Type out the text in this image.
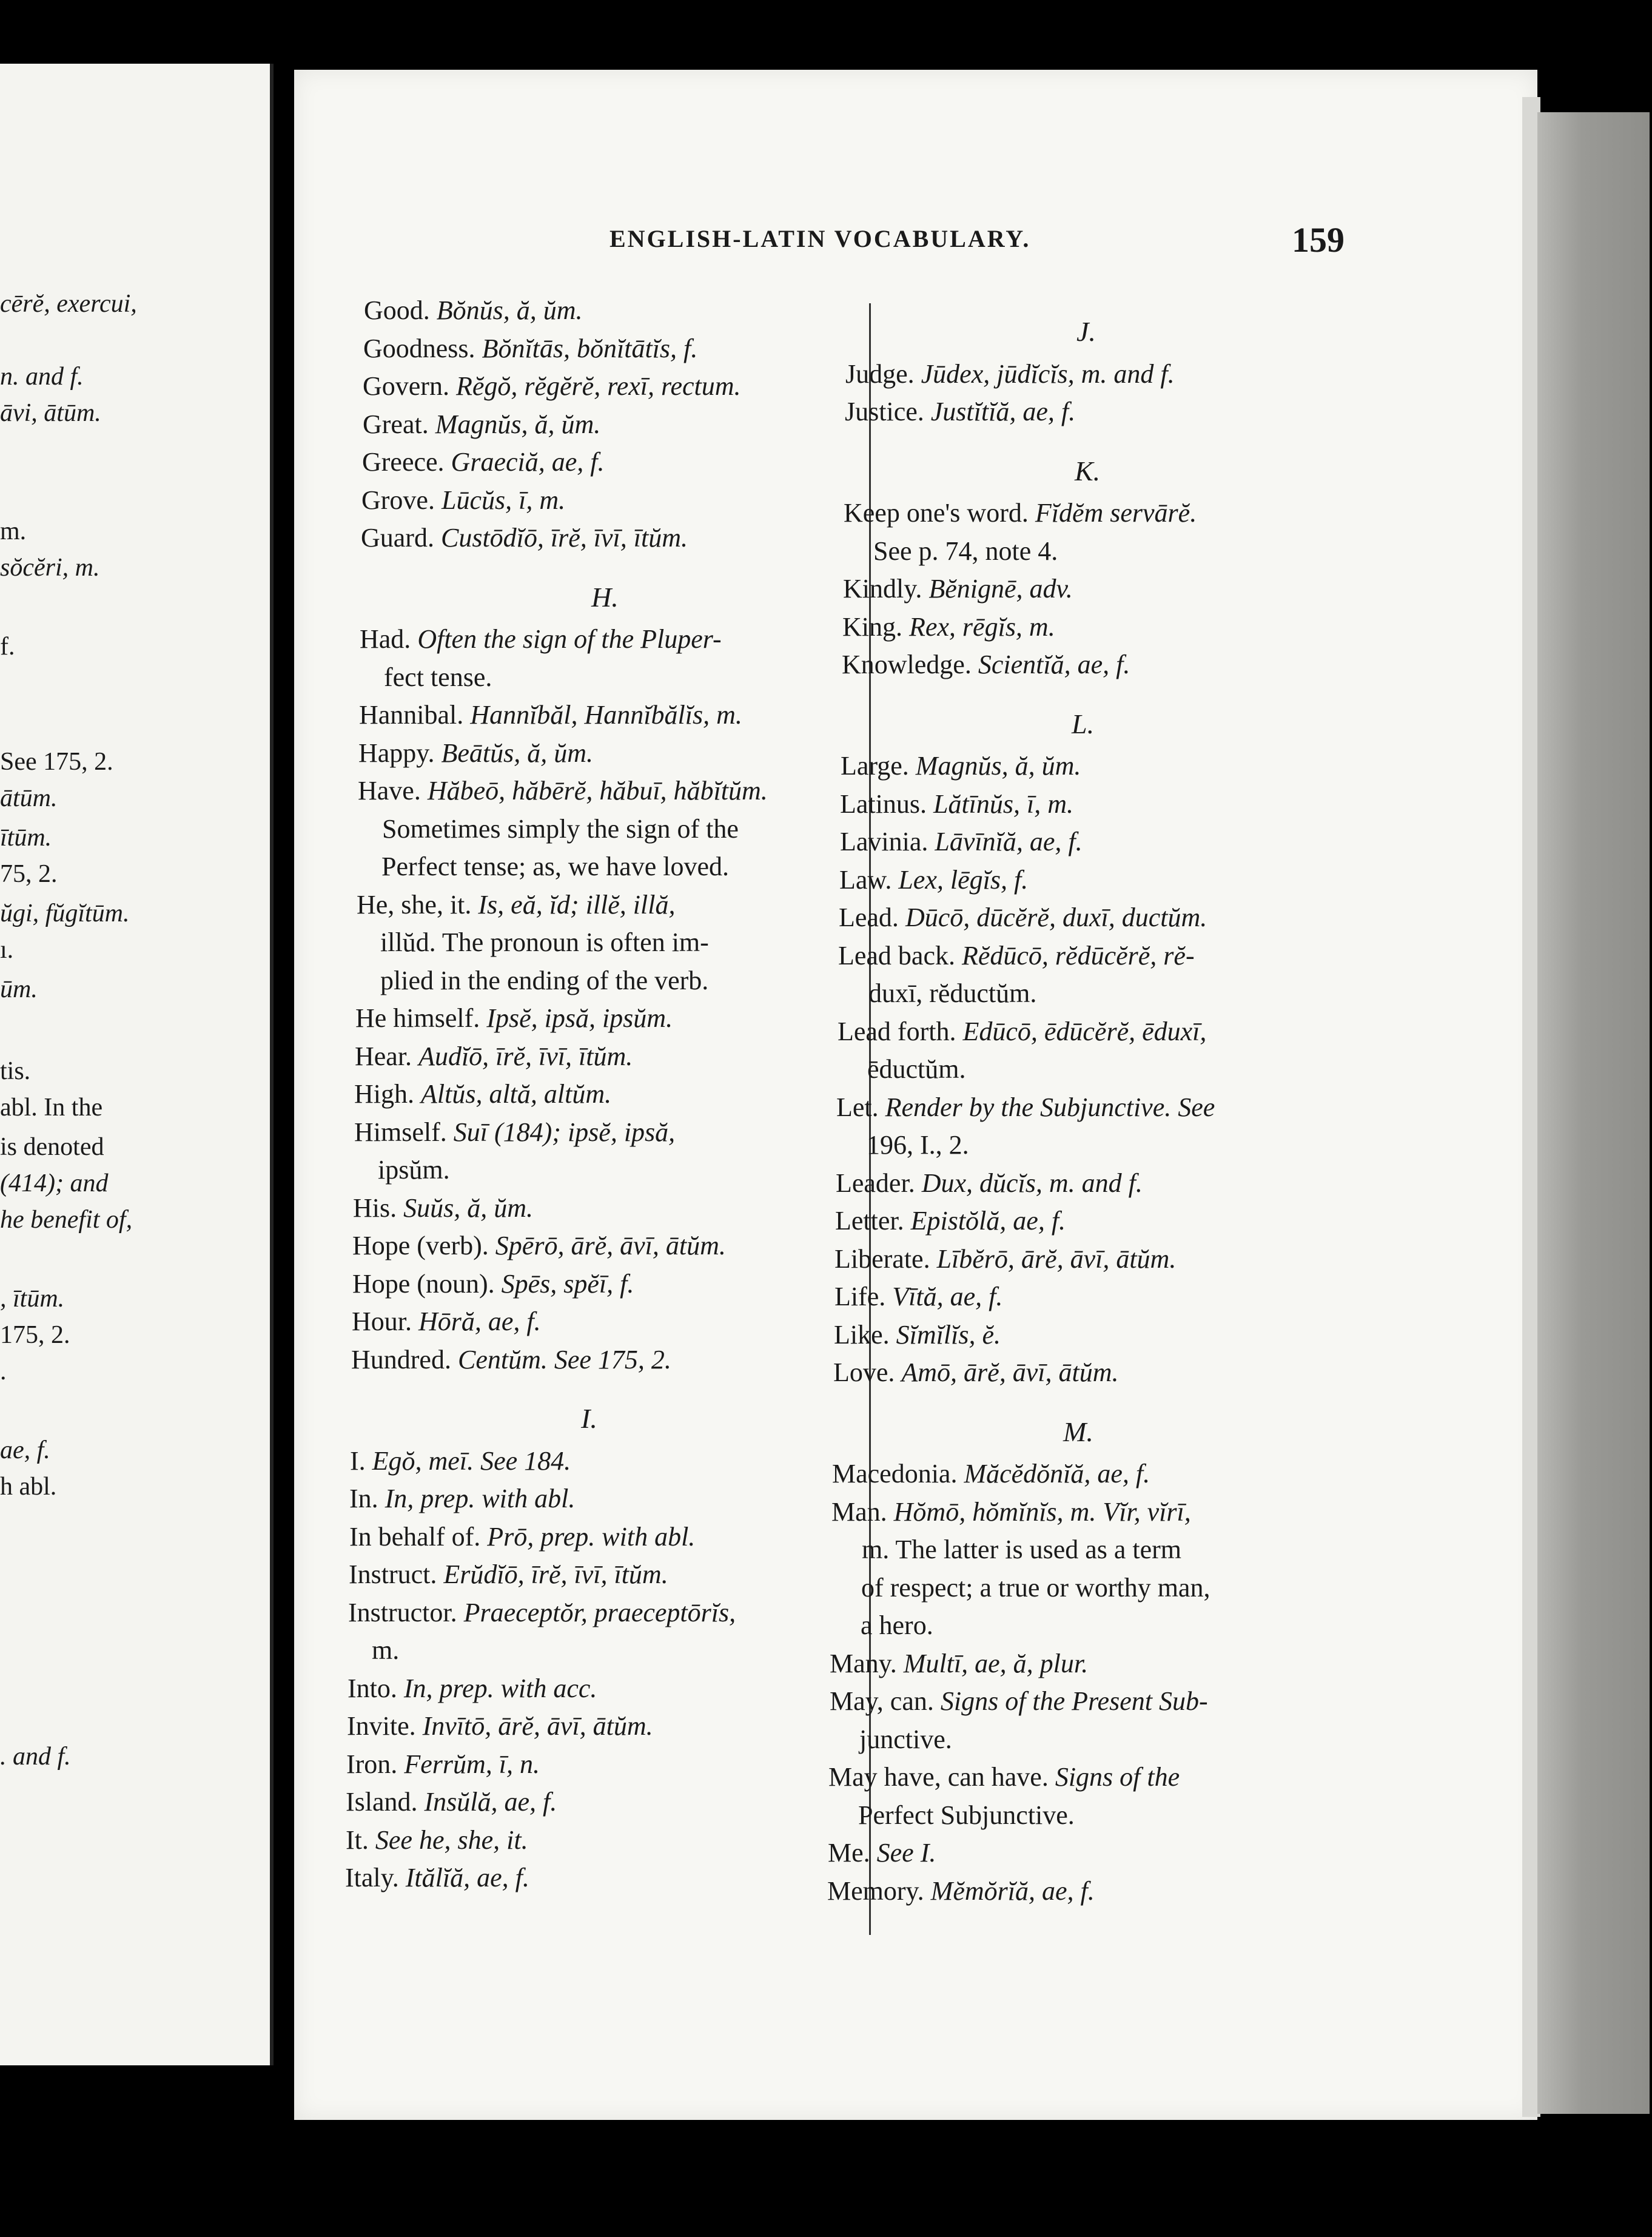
cērĕ, exercui,
n. and f.
āvi, ātūm.
m.
sŏcĕri, m.
f.
See 175, 2.
ātūm.
ītūm.
75, 2.
ŭgi, fŭgĭtūm.
ı.
ūm.
tis.
abl. In the
is denoted
(414); and
he benefit of,
, ītūm.
175, 2.
.
ae, f.
h abl.
. and f.
ENGLISH-LATIN VOCABULARY.	159
Good. Bŏnŭs, ă, ŭm.
Goodness. Bŏnĭtās, bŏnĭtātĭs, f.
Govern. Rĕgŏ, rĕgĕrĕ, rexī, rectum.
Great. Magnŭs, ă, ŭm.
Greece. Graeciă, ae, f.
Grove. Lūcŭs, ī, m.
Guard. Custōdĭō, īrĕ, īvī, ītŭm.
H.
Had. Often the sign of the Pluper-
fect tense.
Hannibal. Hannĭbăl, Hannĭbălĭs, m.
Happy. Beātŭs, ă, ŭm.
Have. Hăbeō, hăbērĕ, hăbuī, hăbĭtŭm.
Sometimes simply the sign of the
Perfect tense; as, we have loved.
He, she, it. Is, eă, ĭd; illĕ, illă,
illŭd. The pronoun is often im-
plied in the ending of the verb.
He himself. Ipsĕ, ipsă, ipsŭm.
Hear. Audĭō, īrĕ, īvī, ītŭm.
High. Altŭs, altă, altŭm.
Himself. Suī (184); ipsĕ, ipsă,
ipsŭm.
His. Suŭs, ă, ŭm.
Hope (verb). Spērō, ārĕ, āvī, ātŭm.
Hope (noun). Spēs, spĕī, f.
Hour. Hōră, ae, f.
Hundred. Centŭm. See 175, 2.
I.
I. Egŏ, meī. See 184.
In. In, prep. with abl.
In behalf of. Prō, prep. with abl.
Instruct. Erŭdĭō, īrĕ, īvī, ītŭm.
Instructor. Praeceptŏr, praeceptōrĭs,
m.
Into. In, prep. with acc.
Invite. Invītō, ārĕ, āvī, ātŭm.
Iron. Ferrŭm, ī, n.
Island. Insŭlă, ae, f.
It. See he, she, it.
Italy. Itălĭă, ae, f.
J.
Judge. Jūdex, jūdĭcĭs, m. and f.
Justice. Justĭtĭă, ae, f.
K.
Keep one's word. Fĭdĕm servārĕ.
See p. 74, note 4.
Kindly. Bĕnignē, adv.
King. Rex, rēgĭs, m.
Knowledge. Scientĭă, ae, f.
L.
Large. Magnŭs, ă, ŭm.
Latinus. Lătīnŭs, ī, m.
Lavinia. Lāvīnĭă, ae, f.
Law. Lex, lēgĭs, f.
Lead. Dūcō, dūcĕrĕ, duxī, ductŭm.
Lead back. Rĕdūcō, rĕdūcĕrĕ, rĕ-
duxī, rĕductŭm.
Lead forth. Edūcō, ēdūcĕrĕ, ēduxī,
ēductŭm.
Let. Render by the Subjunctive. See
196, I., 2.
Leader. Dux, dŭcĭs, m. and f.
Letter. Epistŏlă, ae, f.
Liberate. Lībĕrō, ārĕ, āvī, ātŭm.
Life. Vītă, ae, f.
Like. Sĭmĭlĭs, ĕ.
Love. Amō, ārĕ, āvī, ātŭm.
M.
Macedonia. Măcĕdŏnĭă, ae, f.
Man. Hŏmō, hŏmĭnĭs, m. Vĭr, vĭrī,
m. The latter is used as a term
of respect; a true or worthy man,
a hero.
Many. Multī, ae, ă, plur.
May, can. Signs of the Present Sub-
junctive.
May have, can have. Signs of the
Perfect Subjunctive.
Me. See I.
Memory. Mĕmŏrĭă, ae, f.
